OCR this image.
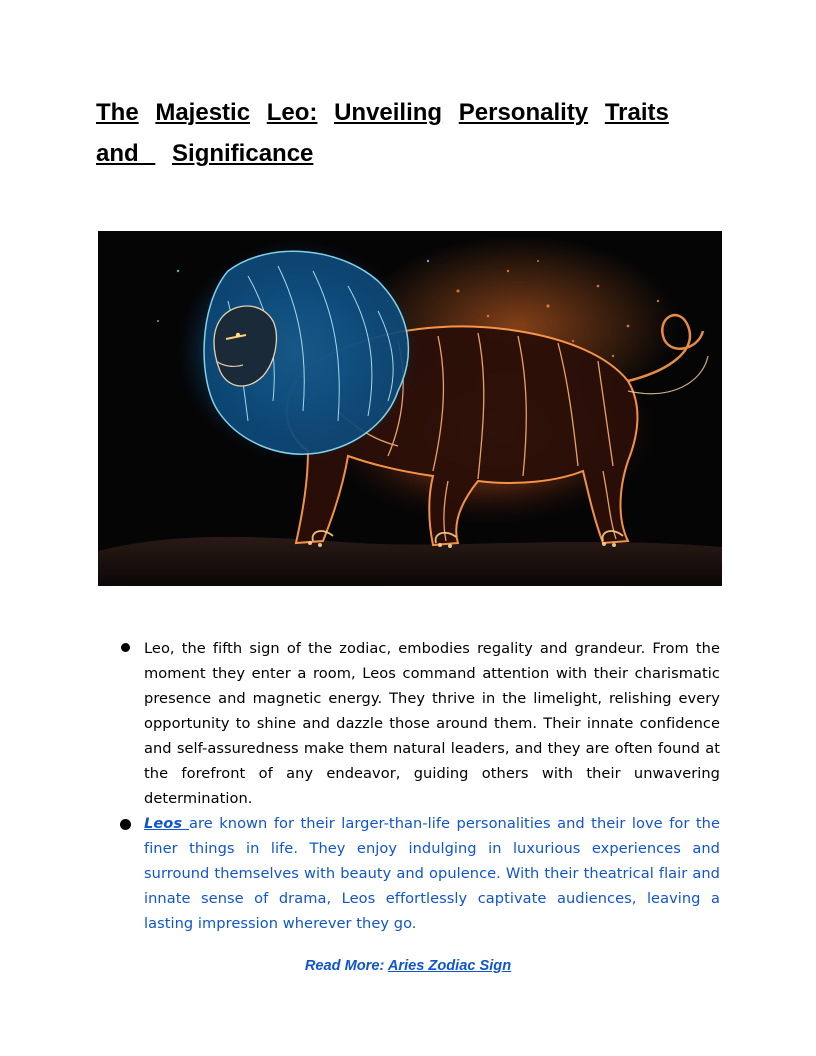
The Majestic Leo: Unveiling Personality Traits
and  Significance
Leo, the fifth sign of the zodiac, embodies regality and grandeur. From the moment they enter a room, Leos command attention with their charismatic presence and magnetic energy. They thrive in the limelight, relishing every opportunity to shine and dazzle those around them. Their innate confidence and self-assuredness make them natural leaders, and they are often found at the forefront of any endeavor, guiding others with their unwavering determination.
Leos are known for their larger-than-life personalities and their love for the finer things in life. They enjoy indulging in luxurious experiences and surround themselves with beauty and opulence. With their theatrical flair and innate sense of drama, Leos effortlessly captivate audiences, leaving a lasting impression wherever they go.
Read More: Aries Zodiac Sign
